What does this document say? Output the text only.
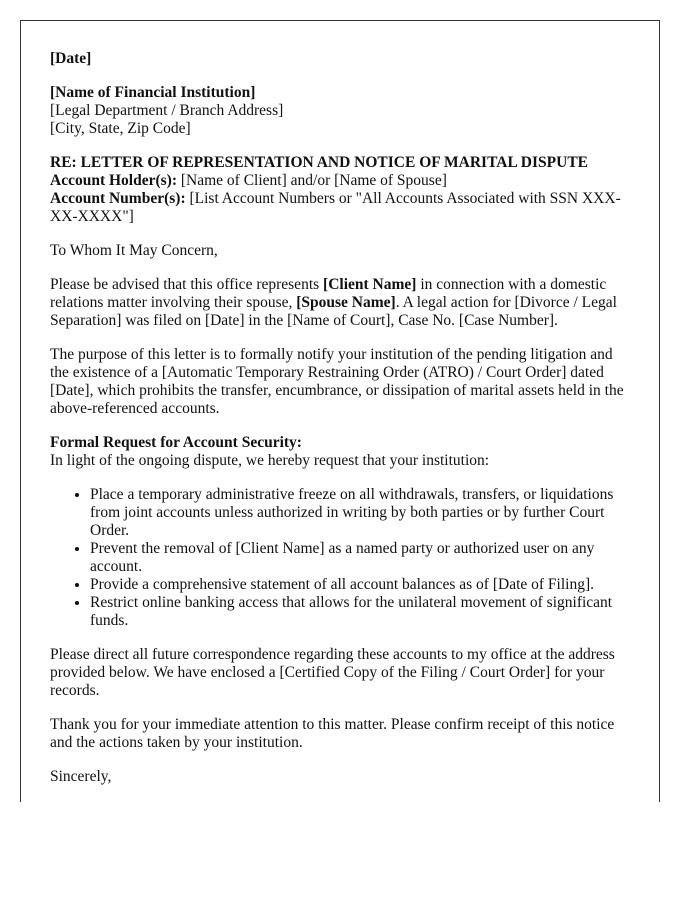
[Date]

[Name of Financial Institution]
[Legal Department / Branch Address]
[City, State, Zip Code]

RE: LETTER OF REPRESENTATION AND NOTICE OF MARITAL DISPUTE
Account Holder(s): [Name of Client] and/or [Name of Spouse]
Account Number(s): [List Account Numbers or "All Accounts Associated with SSN XXX-XX-XXXX"]

To Whom It May Concern,

Please be advised that this office represents [Client Name] in connection with a domestic relations matter involving their spouse, [Spouse Name]. A legal action for [Divorce / Legal Separation] was filed on [Date] in the [Name of Court], Case No. [Case Number].

The purpose of this letter is to formally notify your institution of the pending litigation and the existence of a [Automatic Temporary Restraining Order (ATRO) / Court Order] dated [Date], which prohibits the transfer, encumbrance, or dissipation of marital assets held in the above-referenced accounts.

Formal Request for Account Security:
In light of the ongoing dispute, we hereby request that your institution:

• Place a temporary administrative freeze on all withdrawals, transfers, or liquidations from joint accounts unless authorized in writing by both parties or by further Court Order.
• Prevent the removal of [Client Name] as a named party or authorized user on any account.
• Provide a comprehensive statement of all account balances as of [Date of Filing].
• Restrict online banking access that allows for the unilateral movement of significant funds.

Please direct all future correspondence regarding these accounts to my office at the address provided below. We have enclosed a [Certified Copy of the Filing / Court Order] for your records.

Thank you for your immediate attention to this matter. Please confirm receipt of this notice and the actions taken by your institution.

Sincerely,
